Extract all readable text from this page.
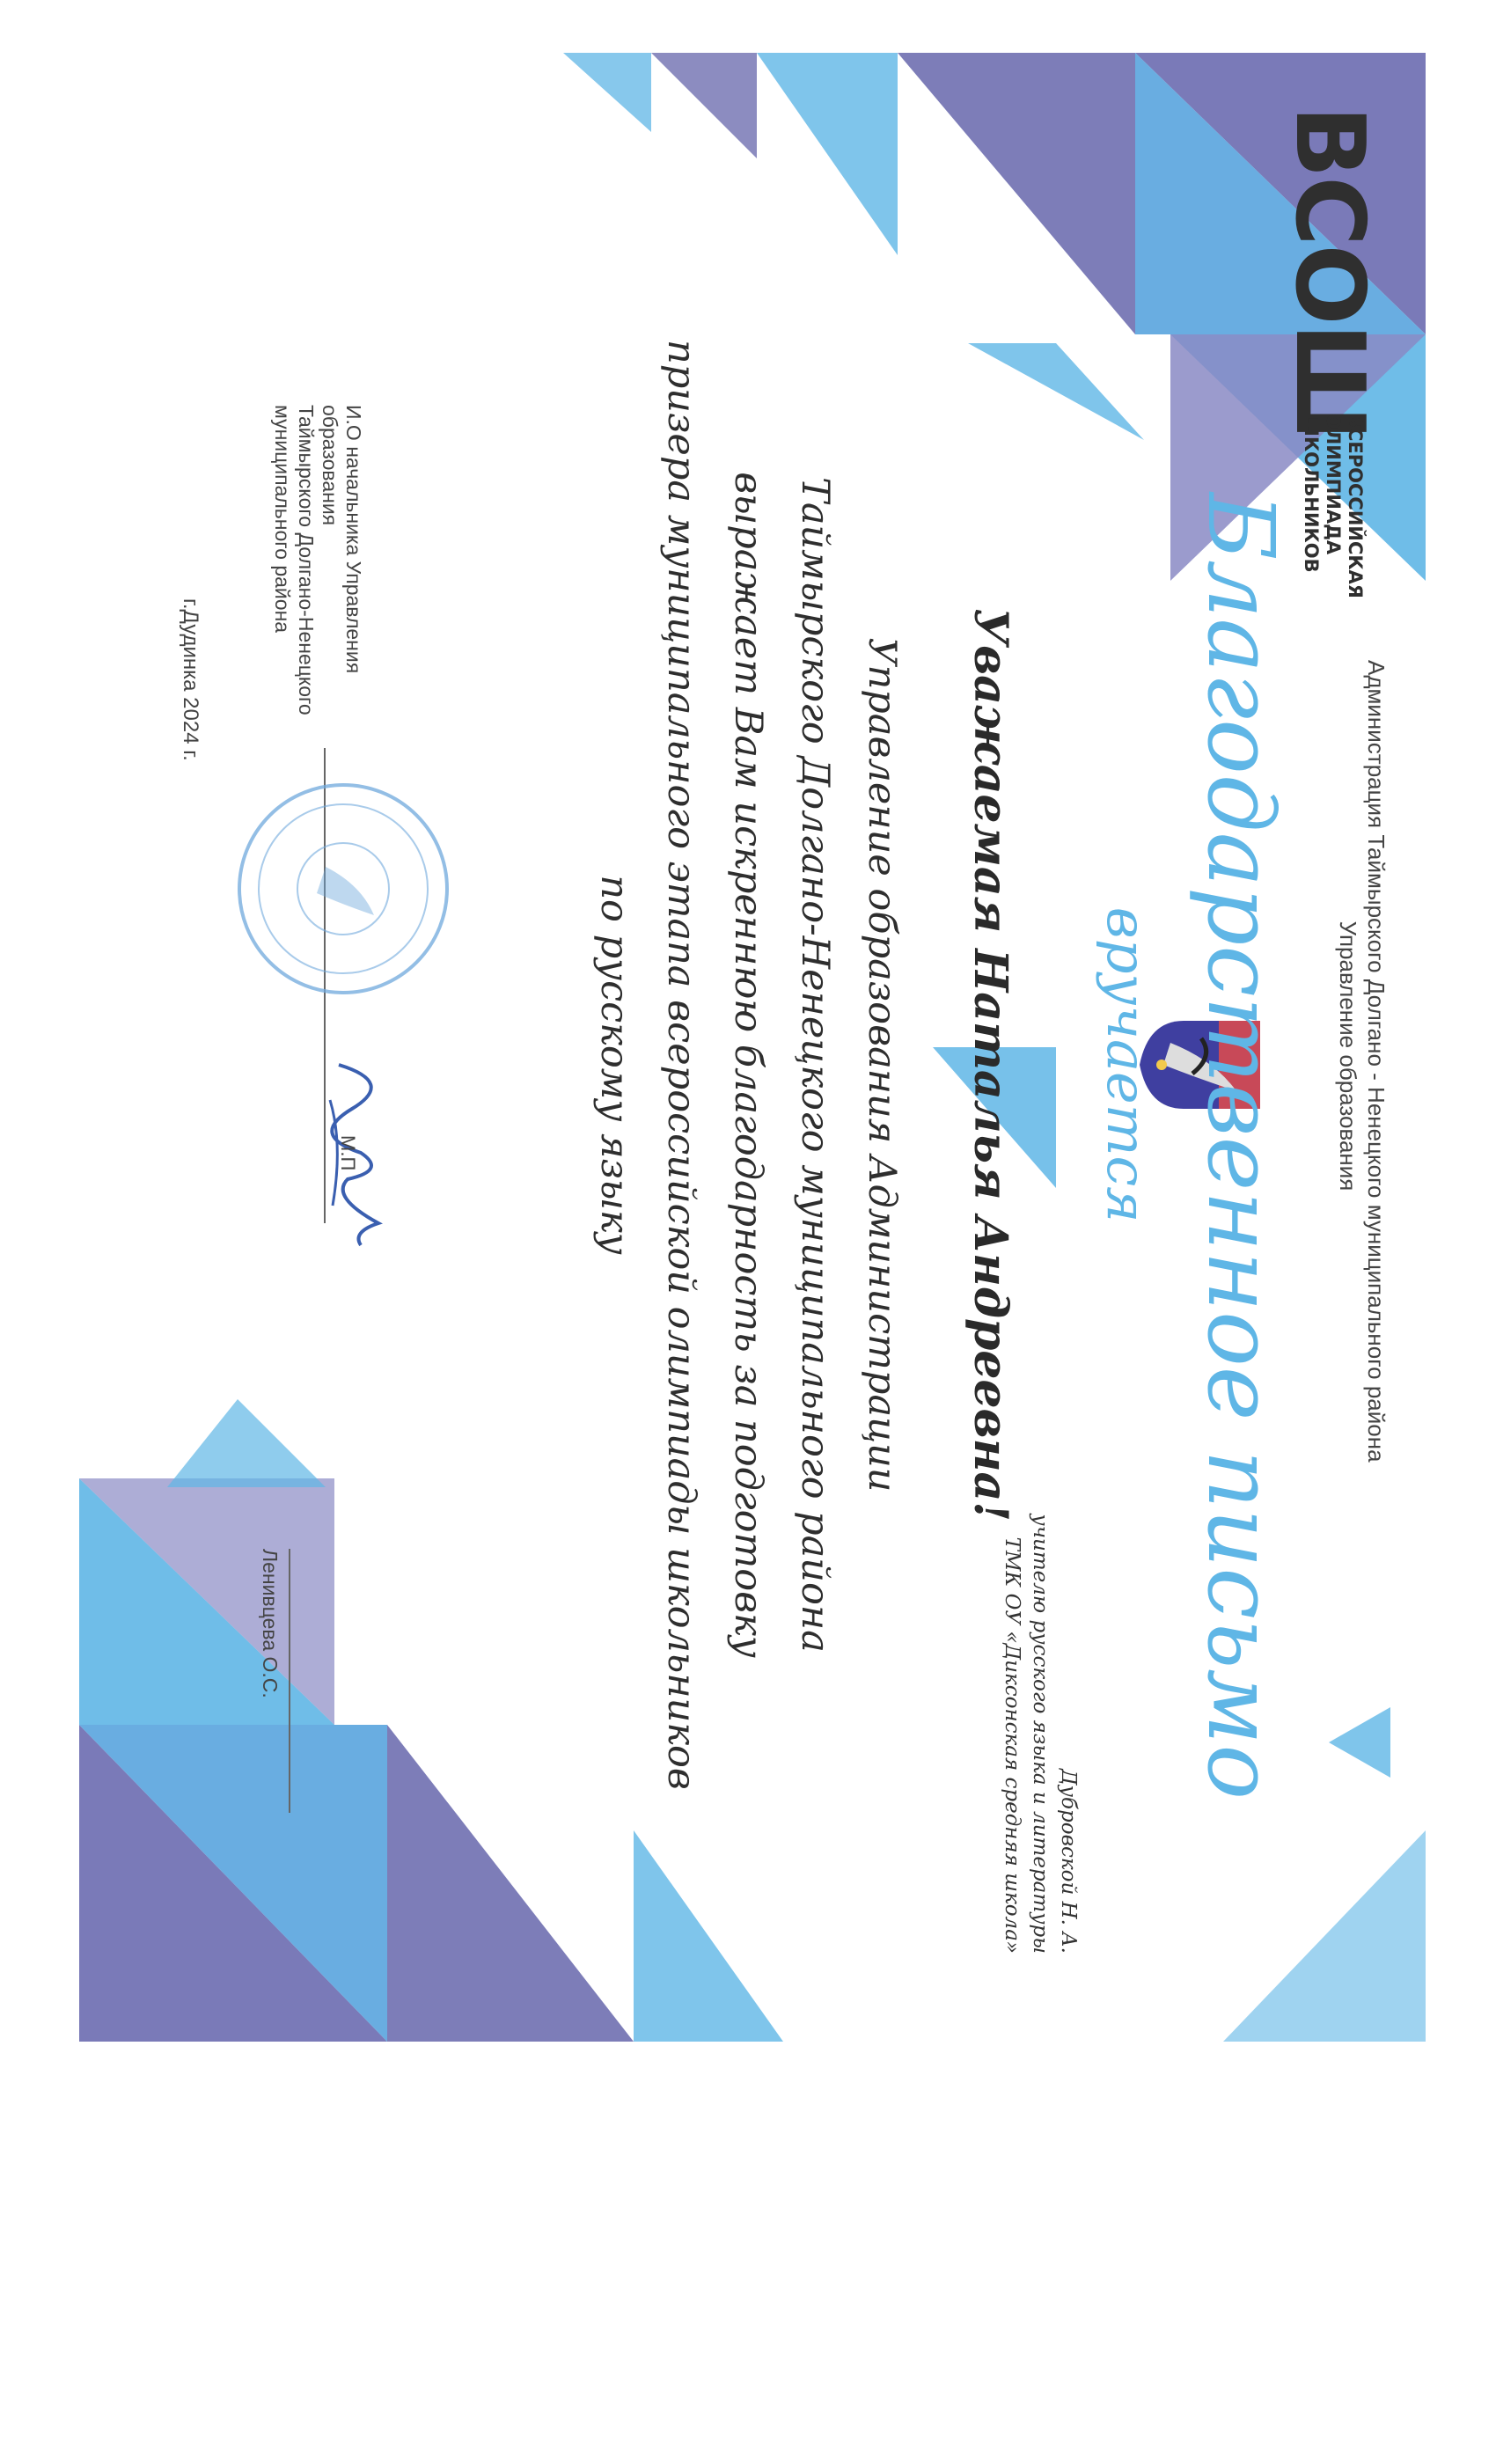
ВСОШ
ВСЕРОССИЙСКАЯ
ОЛИМПИАДА
ШКОЛЬНИКОВ
Администрация Таймырского Долгано - Ненецкого муниципального района
Управление образования
Благодарственное письмо
вручается
Дубровской Н. А.
учителю русского языка и литературы
ТМК ОУ «Диксонская средняя школа»
Уважаемая Наталья Андреевна!
Управление образования Администрации
Таймырского Долгано-Ненецкого муниципального района
выражает Вам искреннюю благодарность за подготовку
призера муниципального этапа всероссийской олимпиады школьников
по русскому языку
И.О начальника Управления образования
Таймырского Долгано-Ненецкого
муниципального района
М.П
Ленивцева О.С.
г.Дудинка 2024 г.
